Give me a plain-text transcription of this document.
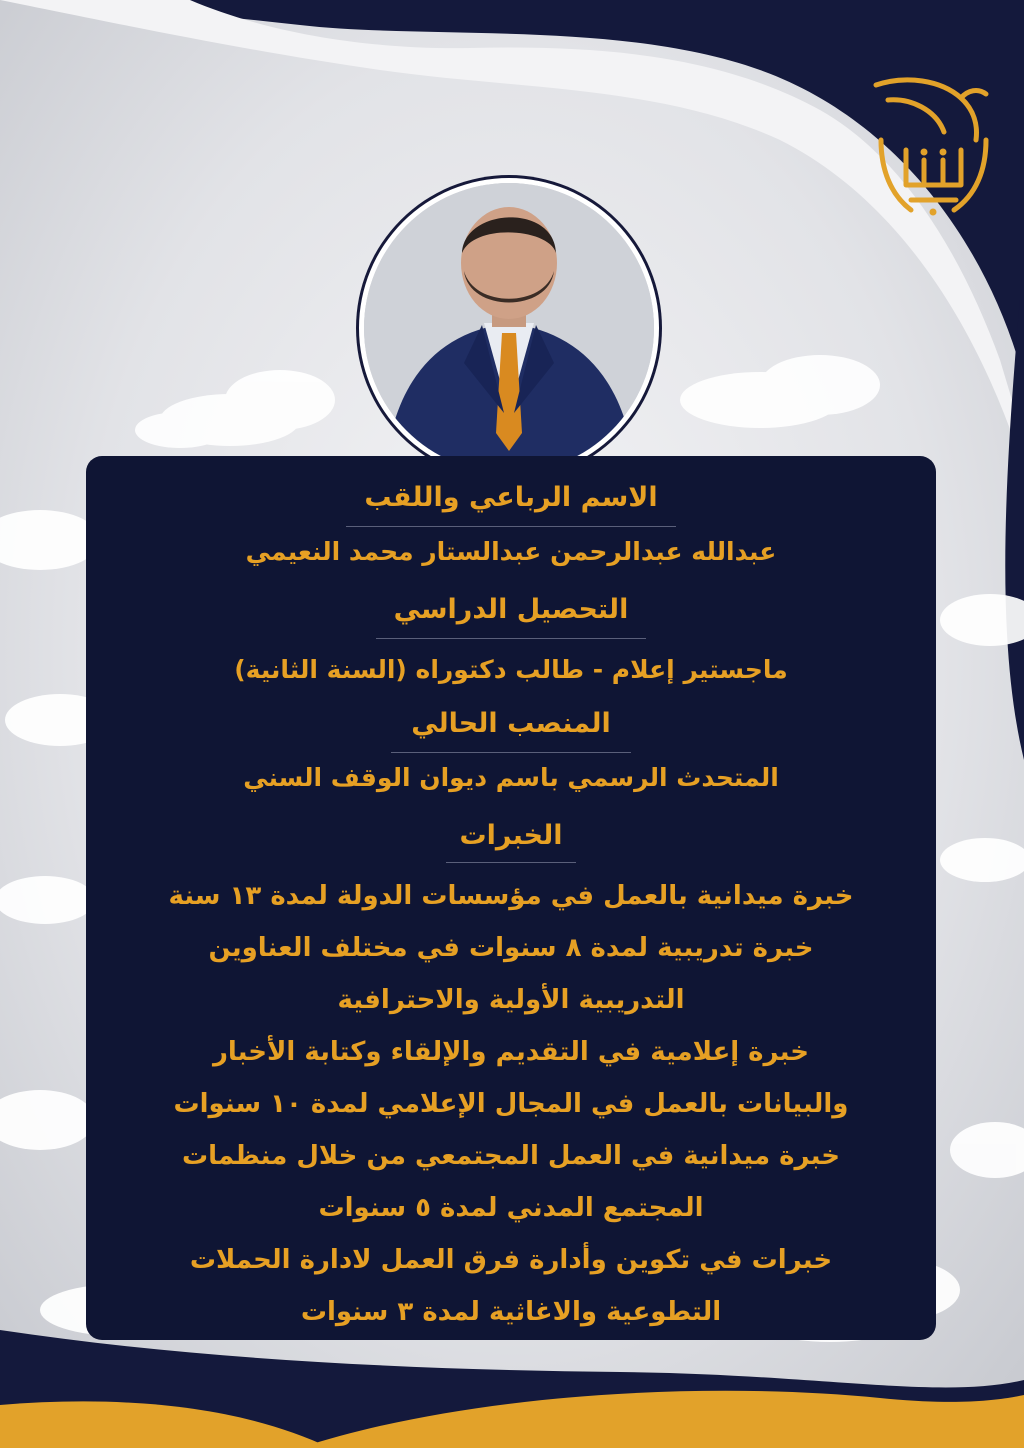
الاسم الرباعي واللقب
عبدالله عبدالرحمن عبدالستار محمد النعيمي
التحصيل الدراسي
ماجستير إعلام - طالب دكتوراه (السنة الثانية)
المنصب الحالي
المتحدث الرسمي باسم ديوان الوقف السني
الخبرات
خبرة ميدانية بالعمل في مؤسسات الدولة لمدة ١٣ سنة
خبرة تدريبية لمدة ٨ سنوات في مختلف العناوين
التدريبية الأولية والاحترافية
خبرة إعلامية في التقديم والإلقاء وكتابة الأخبار
والبيانات بالعمل في المجال الإعلامي لمدة ١٠ سنوات
خبرة ميدانية في العمل المجتمعي من خلال منظمات
المجتمع المدني لمدة ٥ سنوات
خبرات في تكوين وأدارة فرق العمل لادارة الحملات
التطوعية والاغاثية لمدة ٣ سنوات
